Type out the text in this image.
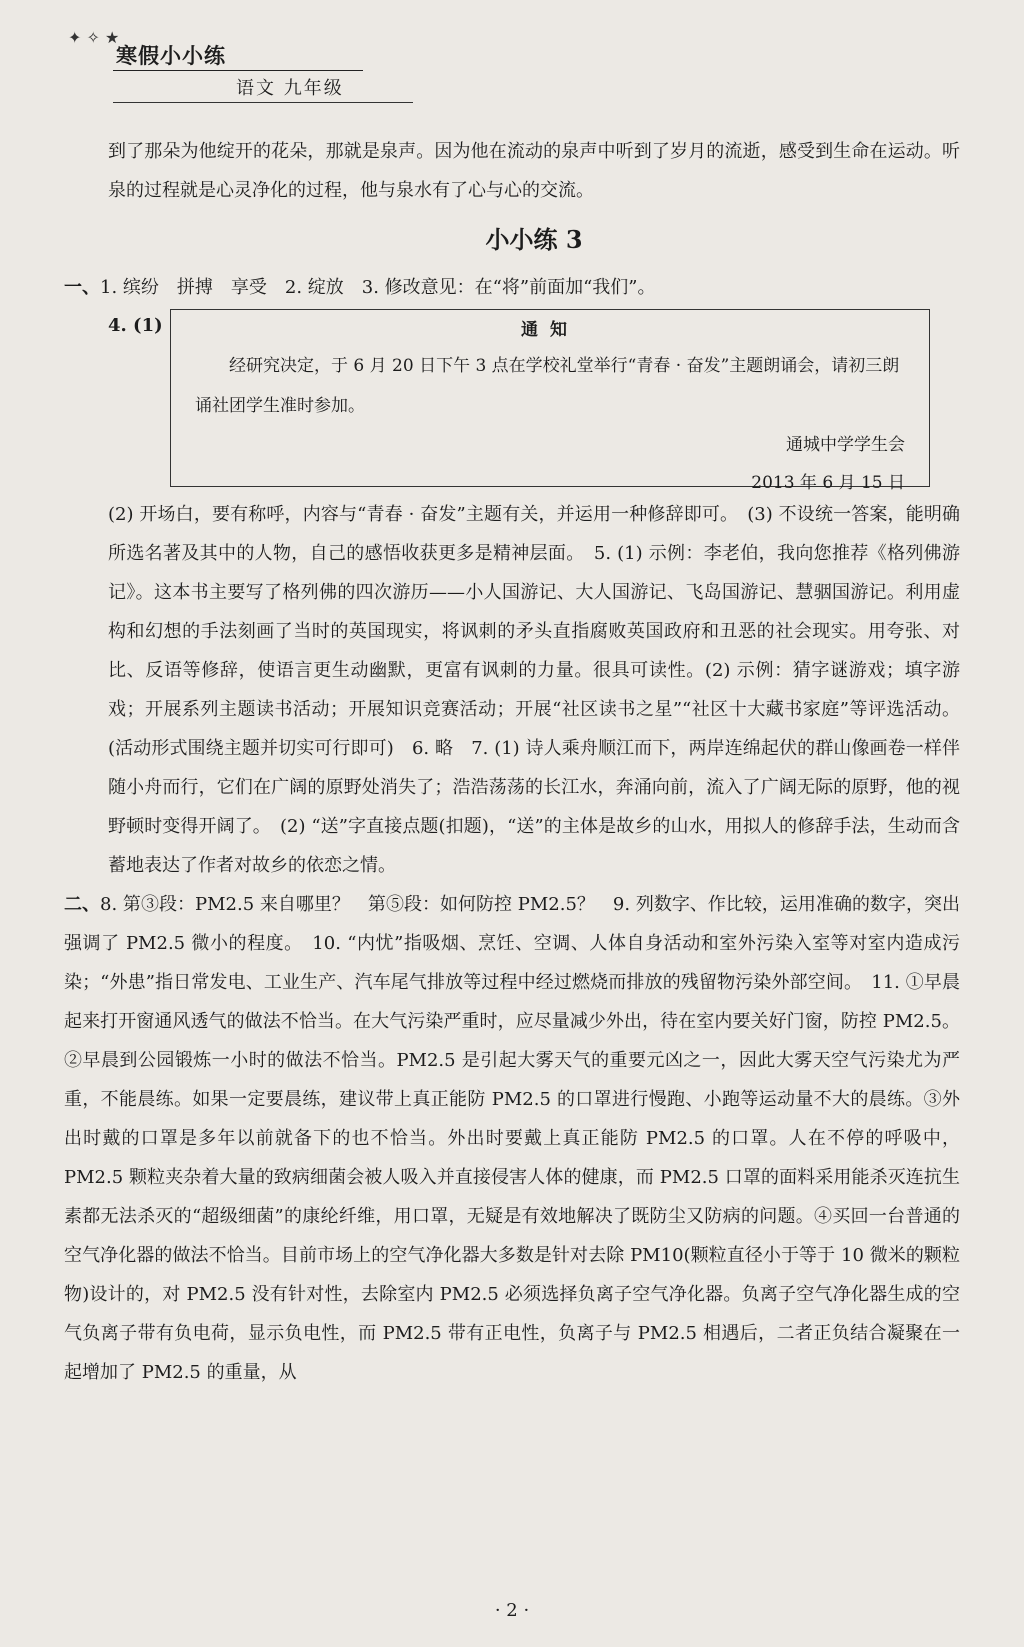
✦ ✧ ★
寒假小小练
语文 九年级

到了那朵为他绽开的花朵，那就是泉声。因为他在流动的泉声中听到了岁月的流逝，感受到生命在运动。听泉的过程就是心灵净化的过程，他与泉水有了心与心的交流。

小小练 3

一、1. 缤纷　拼搏　享受　2. 绽放　3. 修改意见：在“将”前面加“我们”。

4. (1)	通知

经研究决定，于 6 月 20 日下午 3 点在学校礼堂举行“青春 · 奋发”主题朗诵会，请初三朗诵社团学生准时参加。

通城中学学生会
2013 年 6 月 15 日

(2) 开场白，要有称呼，内容与“青春 · 奋发”主题有关，并运用一种修辞即可。　(3) 不设统一答案，能明确所选名著及其中的人物，自己的感悟收获更多是精神层面。　5. (1) 示例：李老伯，我向您推荐《格列佛游记》。这本书主要写了格列佛的四次游历——小人国游记、大人国游记、飞岛国游记、慧骃国游记。利用虚构和幻想的手法刻画了当时的英国现实，将讽刺的矛头直指腐败英国政府和丑恶的社会现实。用夸张、对比、反语等修辞，使语言更生动幽默，更富有讽刺的力量。很具可读性。(2) 示例：猜字谜游戏；填字游戏；开展系列主题读书活动；开展知识竞赛活动；开展“社区读书之星”“社区十大藏书家庭”等评选活动。(活动形式围绕主题并切实可行即可)　6. 略　7. (1) 诗人乘舟顺江而下，两岸连绵起伏的群山像画卷一样伴随小舟而行，它们在广阔的原野处消失了；浩浩荡荡的长江水，奔涌向前，流入了广阔无际的原野，他的视野顿时变得开阔了。　(2) “送”字直接点题(扣题)，“送”的主体是故乡的山水，用拟人的修辞手法，生动而含蓄地表达了作者对故乡的依恋之情。

二、8. 第③段：PM2.5 来自哪里？　第⑤段：如何防控 PM2.5？　9. 列数字、作比较，运用准确的数字，突出强调了 PM2.5 微小的程度。　10. “内忧”指吸烟、烹饪、空调、人体自身活动和室外污染入室等对室内造成污染；“外患”指日常发电、工业生产、汽车尾气排放等过程中经过燃烧而排放的残留物污染外部空间。　11. ①早晨起来打开窗通风透气的做法不恰当。在大气污染严重时，应尽量减少外出，待在室内要关好门窗，防控 PM2.5。②早晨到公园锻炼一小时的做法不恰当。PM2.5 是引起大雾天气的重要元凶之一，因此大雾天空气污染尤为严重，不能晨练。如果一定要晨练，建议带上真正能防 PM2.5 的口罩进行慢跑、小跑等运动量不大的晨练。③外出时戴的口罩是多年以前就备下的也不恰当。外出时要戴上真正能防 PM2.5 的口罩。人在不停的呼吸中，PM2.5 颗粒夹杂着大量的致病细菌会被人吸入并直接侵害人体的健康，而 PM2.5 口罩的面料采用能杀灭连抗生素都无法杀灭的“超级细菌”的康纶纤维，用口罩，无疑是有效地解决了既防尘又防病的问题。④买回一台普通的空气净化器的做法不恰当。目前市场上的空气净化器大多数是针对去除 PM10(颗粒直径小于等于 10 微米的颗粒物)设计的，对 PM2.5 没有针对性，去除室内 PM2.5 必须选择负离子空气净化器。负离子空气净化器生成的空气负离子带有负电荷，显示负电性，而 PM2.5 带有正电性，负离子与 PM2.5 相遇后，二者正负结合凝聚在一起增加了 PM2.5 的重量，从

· 2 ·
